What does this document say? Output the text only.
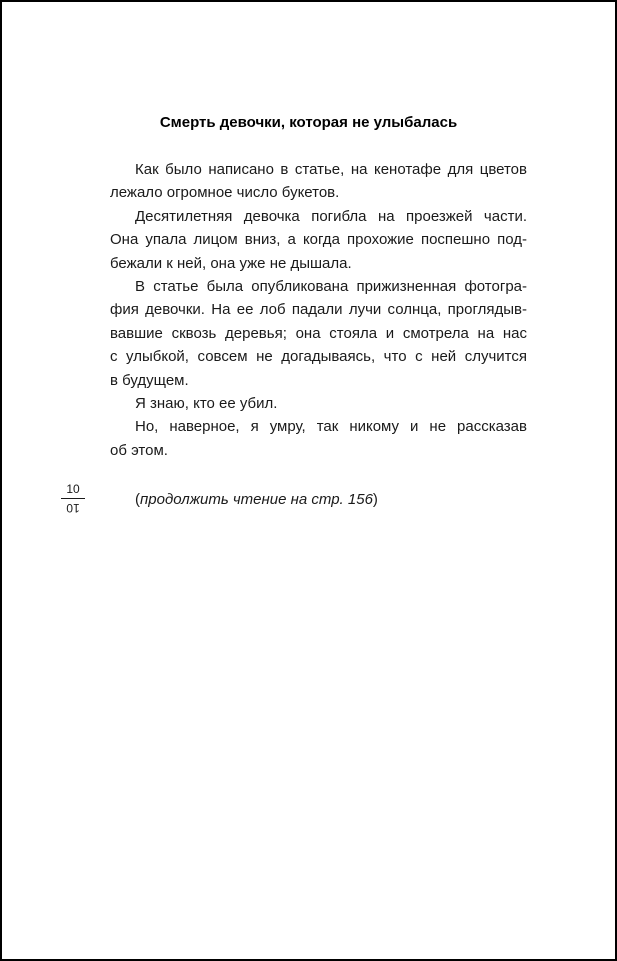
Смерть девочки, которая не улыбалась

Как было написано в статье, на кенотафе для цветов
лежало огромное число букетов.

Десятилетняя девочка погибла на проезжей части.
Она упала лицом вниз, а когда прохожие поспешно под-
бежали к ней, она уже не дышала.

В статье была опубликована прижизненная фотогра-
фия девочки. На ее лоб падали лучи солнца, проглядыв-
вавшие сквозь деревья; она стояла и смотрела на нас
с улыбкой, совсем не догадываясь, что с ней случится
в будущем.

Я знаю, кто ее убил.

Но, наверное, я умру, так никому и не рассказав
об этом.

10
10	(продолжить чтение на стр. 156)
